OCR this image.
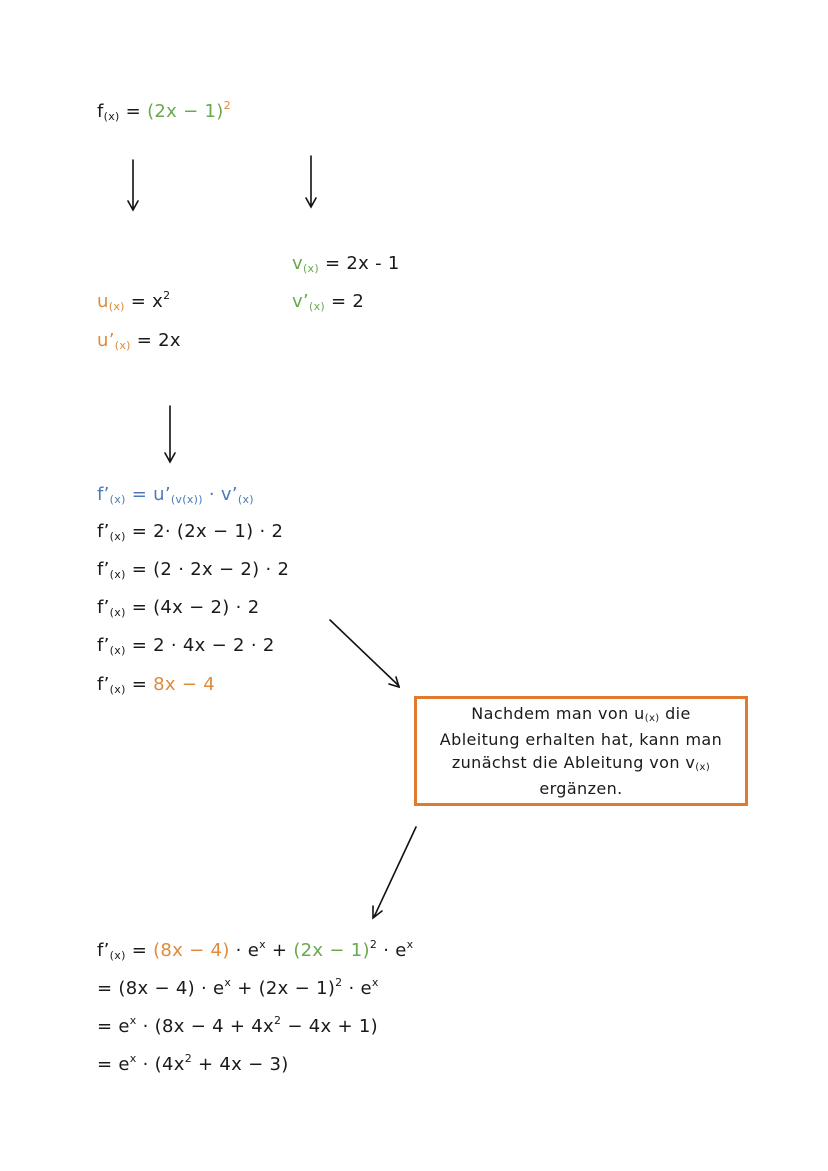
$f(x) = (2x - 1)^2$
v(x) = 2x - 1
v’(x) = 2
$u(x) = x^2$
u’(x) = 2x
f’(x) = u’(v(x)) · v’(x)
f’(x) = 2· (2x − 1) · 2
f’(x) = (2 · 2x − 2) · 2
f’(x) = (4x − 2) · 2
f’(x) = 2 · 4x − 2 · 2
f’(x) = 8x − 4
Nachdem man von u(x) die Ableitung erhalten hat, kann man zunächst die Ableitung von v(x) ergänzen.
f’(x) = $(8x - 4) \cdot e^x + (2x - 1)^2 \cdot e^x$
= $(8x - 4) \cdot e^x + (2x - 1)^2 \cdot e^x$
= $e^x \cdot (8x - 4 + 4x^2 - 4x + 1)$
= $e^x \cdot (4x^2 + 4x - 3)$
